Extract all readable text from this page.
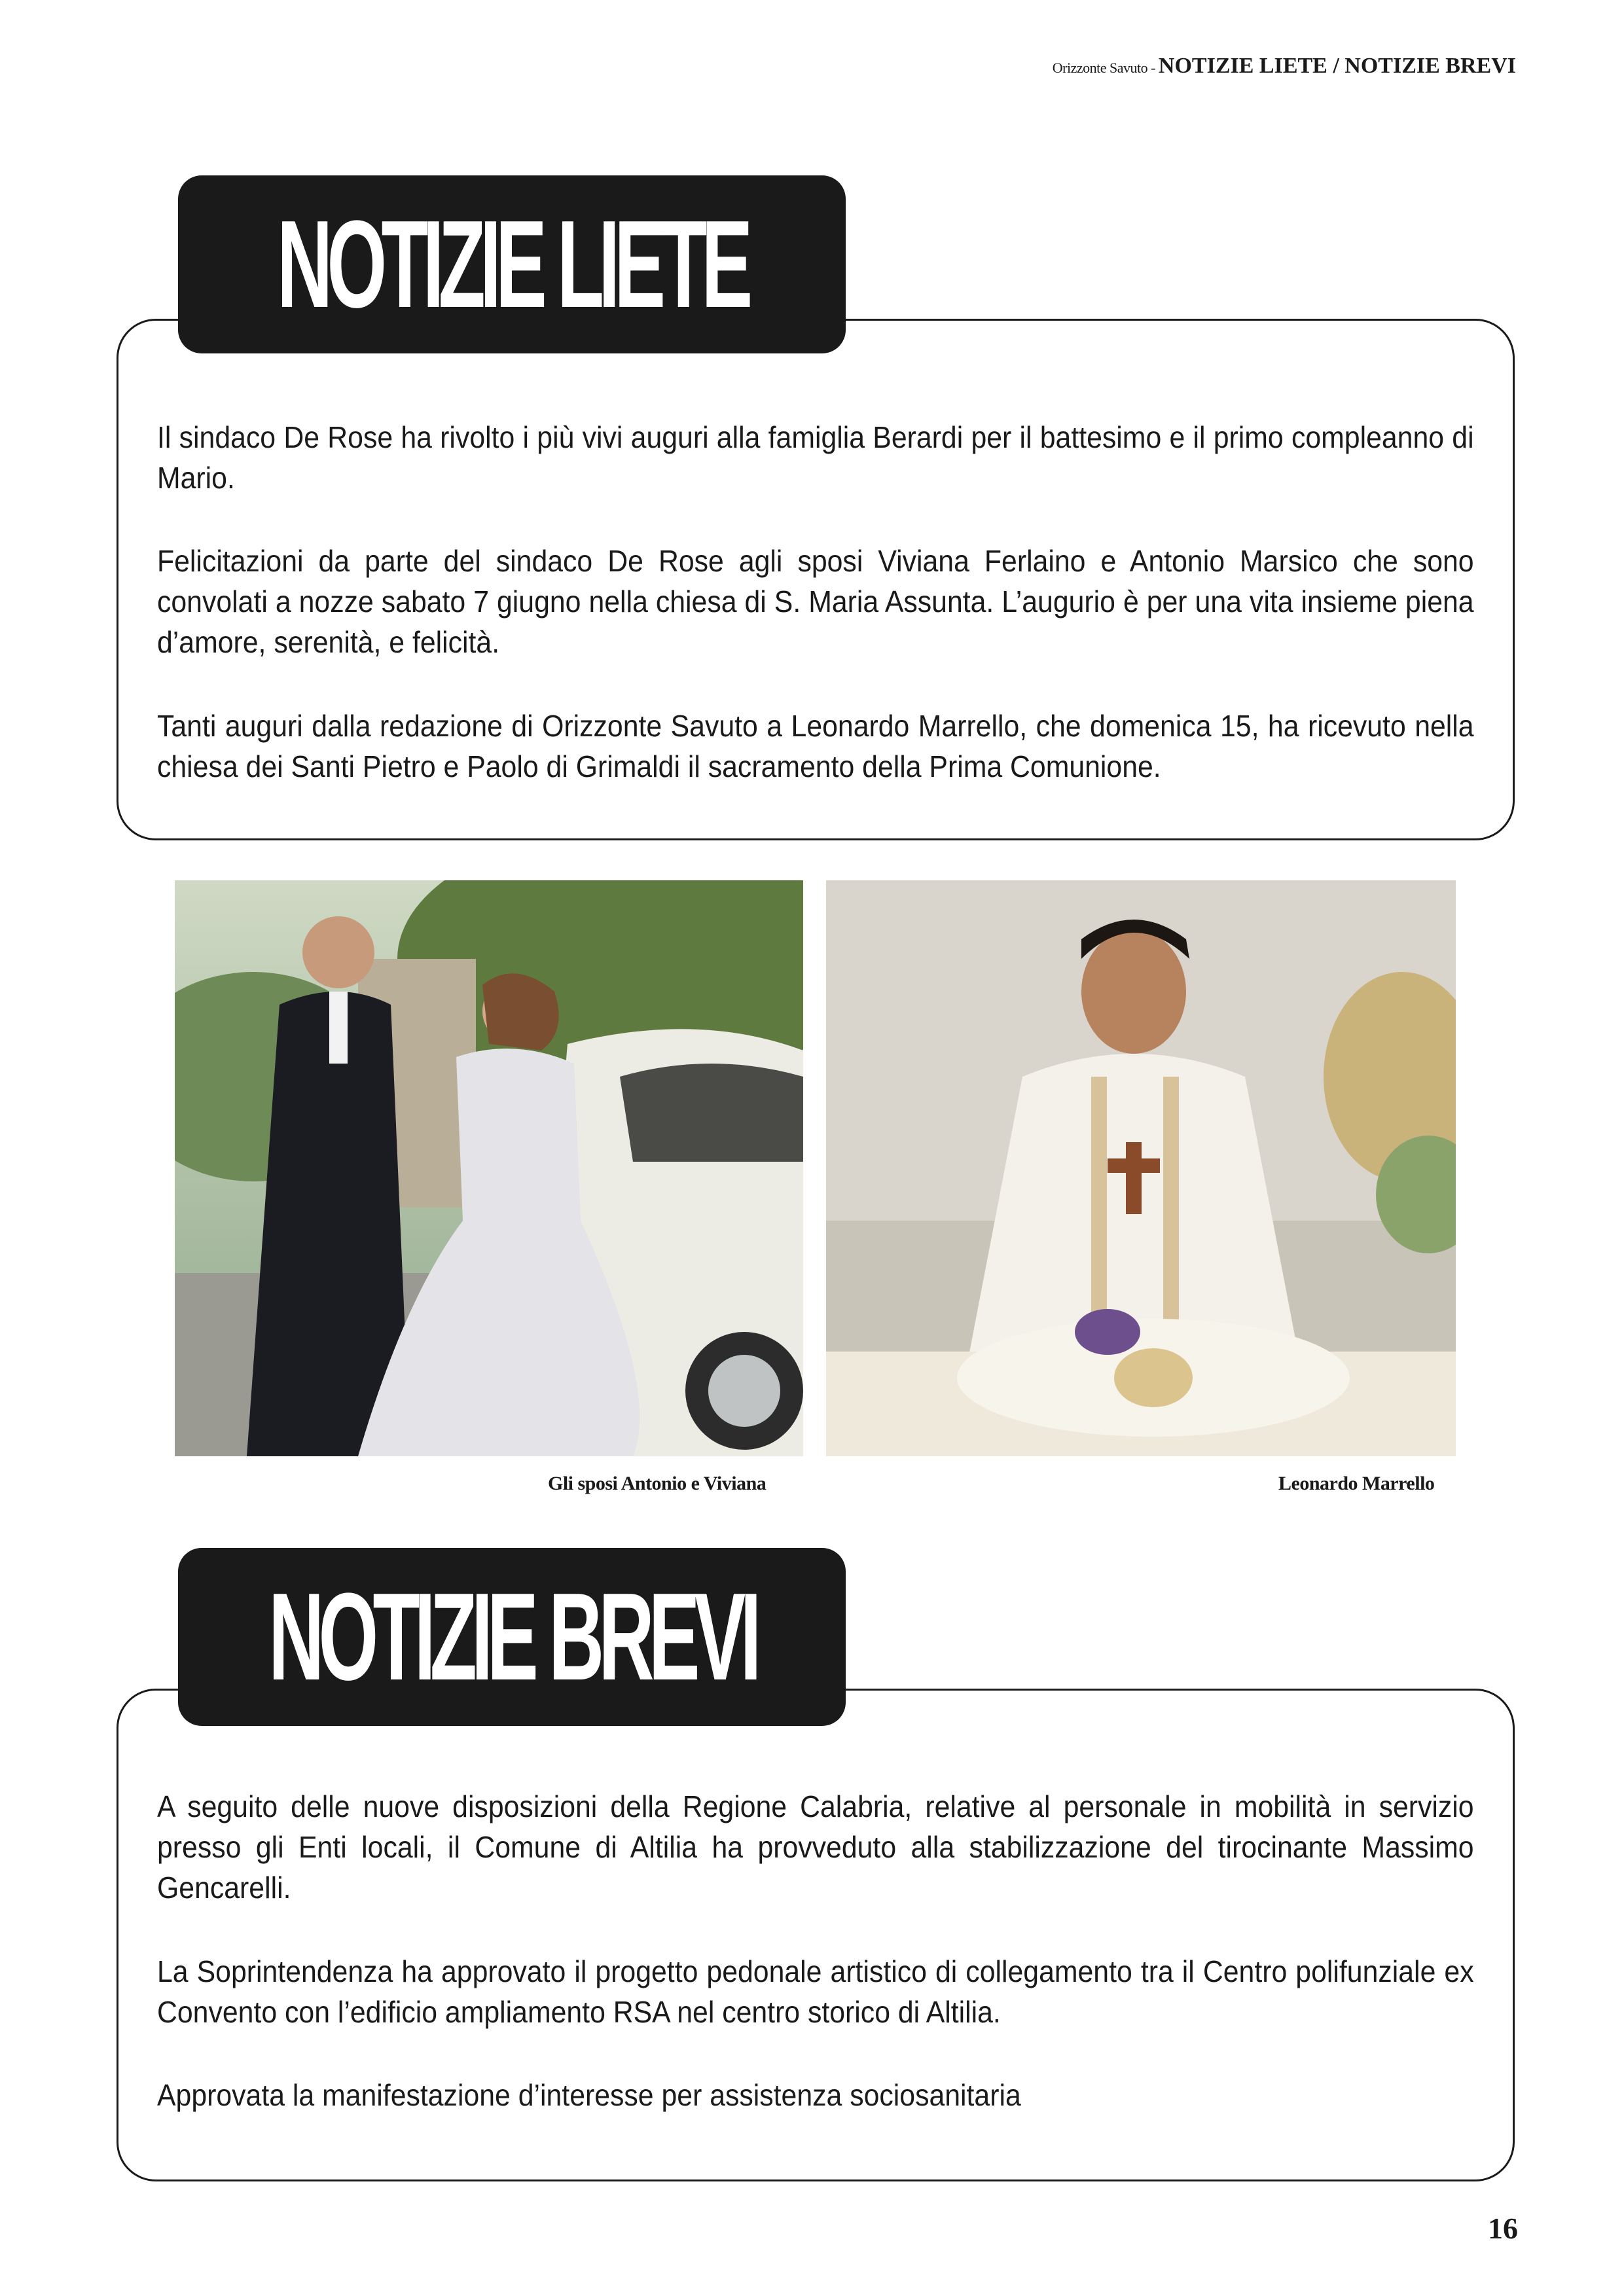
Orizzonte Savuto - NOTIZIE LIETE / NOTIZIE BREVI
NOTIZIE LIETE

Il sindaco De Rose ha rivolto i più vivi auguri alla famiglia Berardi per il battesimo e il primo compleanno di Mario.

Felicitazioni da parte del sindaco De Rose agli sposi Viviana Ferlaino e Antonio Marsico che sono convolati a nozze sabato 7 giugno nella chiesa di S. Maria Assunta. L’augurio è per una vita insieme piena d’amore, serenità, e felicità.

Tanti auguri dalla redazione di Orizzonte Savuto a Leonardo Marrello, che domenica 15, ha ricevuto nella chiesa dei Santi Pietro e Paolo di Grimaldi il sacramento della Prima Comunione.

Gli sposi Antonio e Viviana	Leonardo Marrello
NOTIZIE BREVI

A seguito delle nuove disposizioni della Regione Calabria, relative al personale in mobilità in servizio presso gli Enti locali, il Comune di Altilia ha provveduto alla stabilizzazione del tirocinante Massimo Gencarelli.

La Soprintendenza ha approvato il progetto pedonale artistico di collegamento tra il Centro polifunziale ex Convento con l’edificio ampliamento RSA nel centro storico di Altilia.

Approvata la manifestazione d’interesse per assistenza sociosanitaria

16
